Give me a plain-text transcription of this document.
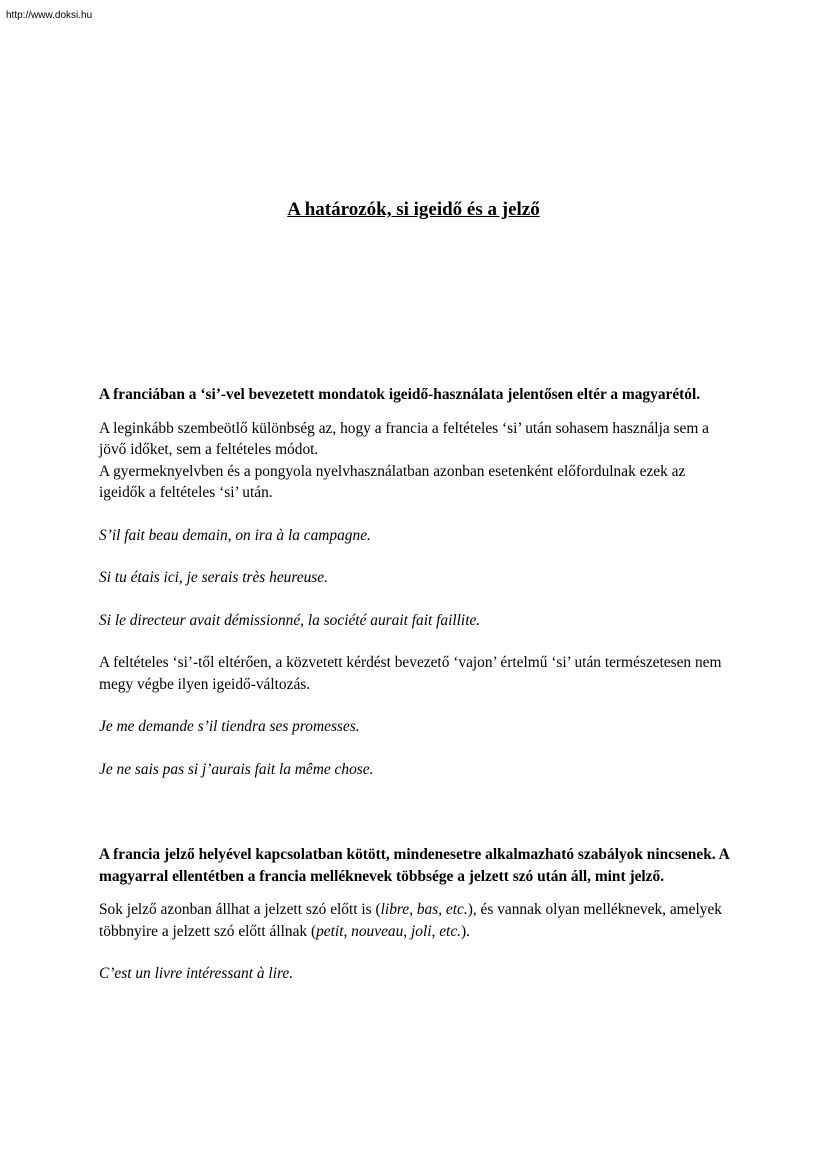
http://www.doksi.hu
A határozók, si igeidő és a jelző

A franciában a ‘si’-vel bevezetett mondatok igeidő-használata jelentősen eltér a magyarétól.

A leginkább szembeötlő különbség az, hogy a francia a feltételes ‘si’ után sohasem használja sem a jövő időket, sem a feltételes módot.

A gyermeknyelvben és a pongyola nyelvhasználatban azonban esetenként előfordulnak ezek az igeidők a feltételes ‘si’ után.

S’il fait beau demain, on ira à la campagne.

Si tu étais ici, je serais très heureuse.

Si le directeur avait démissionné, la société aurait fait faillite.

A feltételes ‘si’-től eltérően, a közvetett kérdést bevezető ‘vajon’ értelmű ‘si’ után természetesen nem megy végbe ilyen igeidő-változás.

Je me demande s’il tiendra ses promesses.

Je ne sais pas si j’aurais fait la même chose.

A francia jelző helyével kapcsolatban kötött, mindenesetre alkalmazható szabályok nincsenek. A magyarral ellentétben a francia melléknevek többsége a jelzett szó után áll, mint jelző.

Sok jelző azonban állhat a jelzett szó előtt is (libre, bas, etc.), és vannak olyan melléknevek, amelyek többnyire a jelzett szó előtt állnak (petit, nouveau, joli, etc.).

C’est un livre intéressant à lire.
